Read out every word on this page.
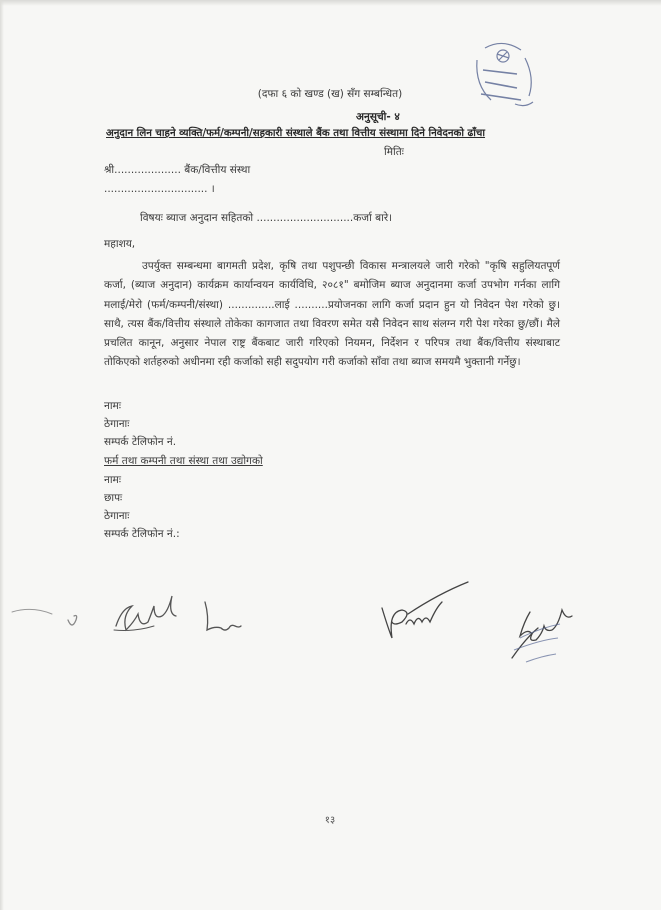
(दफा ६ को खण्ड (ख) सँग सम्बन्धित)
अनुसूची- ४
अनुदान लिन चाहने व्यक्ति/फर्म/कम्पनी/सहकारी संस्थाले बैंक तथा वित्तीय संस्थामा दिने निवेदनको ढाँचा
मितिः
श्री.................... बैंक/वित्तीय संस्था
............................... ।
विषयः ब्याज अनुदान सहितको .............................कर्जा बारे।
महाशय,
उपर्युक्त सम्बन्धमा बागमती प्रदेश, कृषि तथा पशुपन्छी विकास मन्त्रालयले जारी गरेको "कृषि सहुलियतपूर्ण कर्जा, (ब्याज अनुदान) कार्यक्रम कार्यान्वयन कार्यविधि, २०८१" बमोजिम ब्याज अनुदानमा कर्जा उपभोग गर्नका लागि मलाई/मेरो (फर्म/कम्पनी/संस्था) ..............लाई ..........प्रयोजनका लागि कर्जा प्रदान हुन यो निवेदन पेश गरेको छु। साथै, त्यस बैंक/वित्तीय संस्थाले तोकेका कागजात तथा विवरण समेत यसै निवेदन साथ संलग्न गरी पेश गरेका छु/छौं। मैले प्रचलित कानून, अनुसार नेपाल राष्ट्र बैंकबाट जारी गरिएको नियमन, निर्देशन र परिपत्र तथा बैंक/वित्तीय संस्थाबाट तोकिएको शर्तहरुको अधीनमा रही कर्जाको सही सदुपयोग गरी कर्जाको साँवा तथा ब्याज समयमै भुक्तानी गर्नेछु।
नामः
ठेगानाः
सम्पर्क टेलिफोन नं.
फर्म तथा कम्पनी तथा संस्था तथा उद्योगको
नामः
छापः
ठेगानाः
सम्पर्क टेलिफोन नं.:
१३
